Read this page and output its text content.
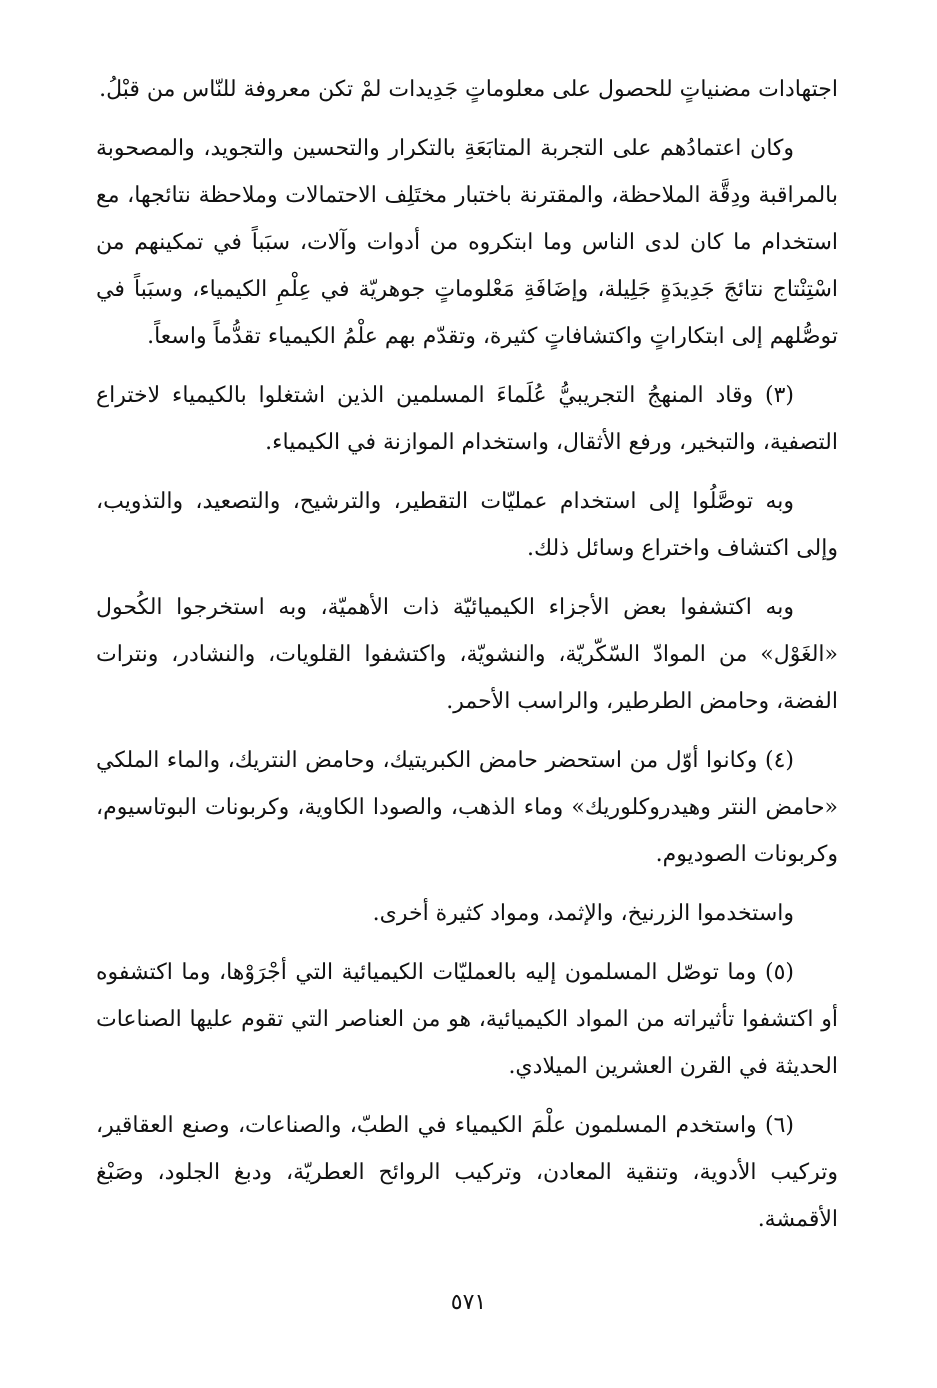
اجتهادات مضنياتٍ للحصول على معلوماتٍ جَدِيدات لمْ تكن معروفة للنّاس من قبْلُ.

وكان اعتمادُهم على التجربة المتابَعَةِ بالتكرار والتحسين والتجويد، والمصحوبة بالمراقبة ودِقَّة الملاحظة، والمقترنة باختبار مختَلِف الاحتمالات وملاحظة نتائجها، مع استخدام ما كان لدى الناس وما ابتكروه من أدوات وآلات، سبَباً في تمكينهم من اسْتِنْتاج نتائجَ جَدِيدَةٍ جَلِيلة، وإضَافَةِ مَعْلوماتٍ جوهريّة في عِلْمِ الكيمياء، وسبَباً في توصُّلهم إلى ابتكاراتٍ واكتشافاتٍ كثيرة، وتقدّم بهم علْمُ الكيمياء تقدُّماً واسعاً.

(٣) وقاد المنهجُ التجريبيُّ عُلَماءَ المسلمين الذين اشتغلوا بالكيمياء لاختراع التصفية، والتبخير، ورفع الأثقال، واستخدام الموازنة في الكيمياء.

وبه توصَّلُوا إلى استخدام عمليّات التقطير، والترشيح، والتصعيد، والتذويب، وإلى اكتشاف واختراع وسائل ذلك.

وبه اكتشفوا بعض الأجزاء الكيميائيّة ذات الأهميّة، وبه استخرجوا الكُحول «الغَوْل» من الموادّ السّكّريّة، والنشويّة، واكتشفوا القلويات، والنشادر، ونترات الفضة، وحامض الطرطير، والراسب الأحمر.

(٤) وكانوا أوّل من استحضر حامض الكبريتيك، وحامض النتريك، والماء الملكي «حامض النتر وهيدروكلوريك» وماء الذهب، والصودا الكاوية، وكربونات البوتاسيوم، وكربونات الصوديوم.

واستخدموا الزرنيخ، والإثمد، ومواد كثيرة أخرى.

(٥) وما توصّل المسلمون إليه بالعمليّات الكيميائية التي أجْرَوْها، وما اكتشفوه أو اكتشفوا تأثيراته من المواد الكيميائية، هو من العناصر التي تقوم عليها الصناعات الحديثة في القرن العشرين الميلادي.

(٦) واستخدم المسلمون علْمَ الكيمياء في الطبّ، والصناعات، وصنع العقاقير، وتركيب الأدوية، وتنقية المعادن، وتركيب الروائح العطريّة، ودبغ الجلود، وصَبْغ الأقمشة.

٥٧١
